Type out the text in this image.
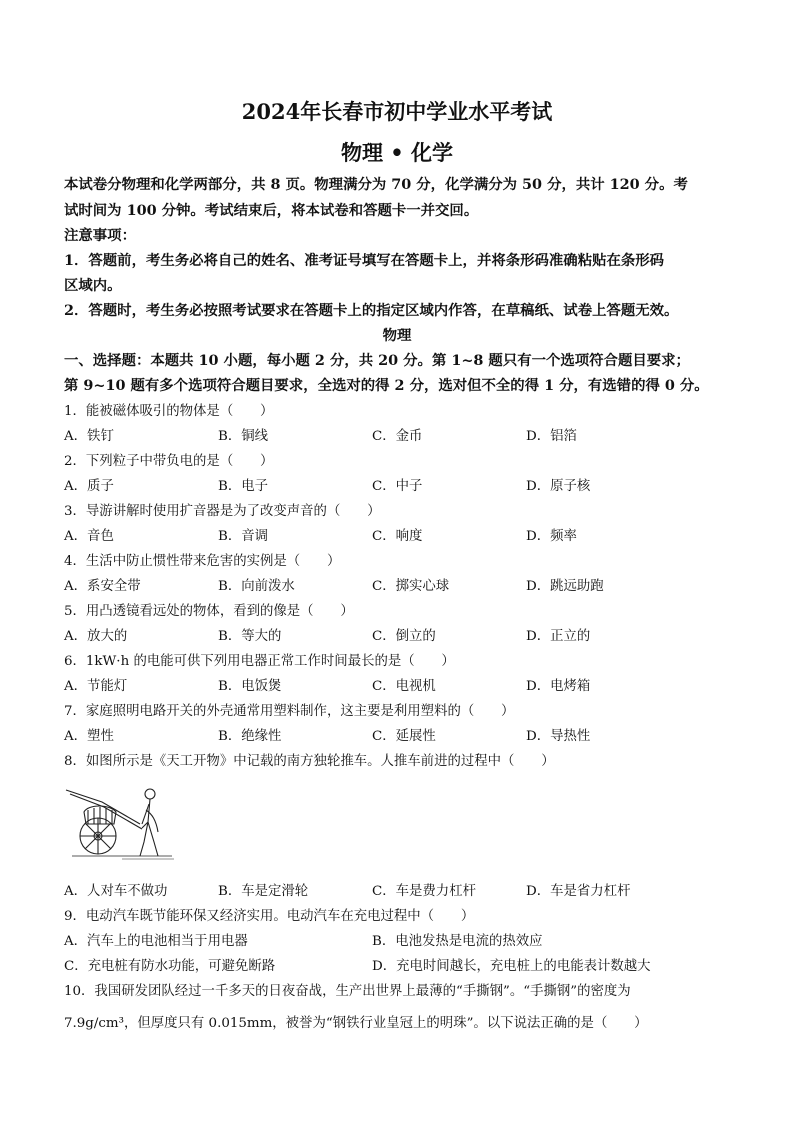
2024年长春市初中学业水平考试
物理 • 化学
本试卷分物理和化学两部分，共 8 页。物理满分为 70 分，化学满分为 50 分，共计 120 分。考
试时间为 100 分钟。考试结束后，将本试卷和答题卡一并交回。
注意事项：
1．答题前，考生务必将自己的姓名、准考证号填写在答题卡上，并将条形码准确粘贴在条形码
区域内。
2．答题时，考生务必按照考试要求在答题卡上的指定区域内作答，在草稿纸、试卷上答题无效。
物理
一、选择题：本题共 10 小题，每小题 2 分，共 20 分。第 1~8 题只有一个选项符合题目要求；
第 9~10 题有多个选项符合题目要求，全选对的得 2 分，选对但不全的得 1 分，有选错的得 0 分。
1．能被磁体吸引的物体是（　　）
A．铁钉	B．铜线	C．金币	D．铝箔
2．下列粒子中带负电的是（　　）
A．质子	B．电子	C．中子	D．原子核
3．导游讲解时使用扩音器是为了改变声音的（　　）
A．音色	B．音调	C．响度	D．频率
4．生活中防止惯性带来危害的实例是（　　）
A．系安全带	B．向前泼水	C．掷实心球	D．跳远助跑
5．用凸透镜看远处的物体，看到的像是（　　）
A．放大的	B．等大的	C．倒立的	D．正立的
6．1kW·h 的电能可供下列用电器正常工作时间最长的是（　　）
A．节能灯	B．电饭煲	C．电视机	D．电烤箱
7．家庭照明电路开关的外壳通常用塑料制作，这主要是利用塑料的（　　）
A．塑性	B．绝缘性	C．延展性	D．导热性
8．如图所示是《天工开物》中记载的南方独轮推车。人推车前进的过程中（　　）
A．人对车不做功	B．车是定滑轮	C．车是费力杠杆	D．车是省力杠杆
9．电动汽车既节能环保又经济实用。电动汽车在充电过程中（　　）
A．汽车上的电池相当于用电器	B．电池发热是电流的热效应
C．充电桩有防水功能，可避免断路	D．充电时间越长，充电桩上的电能表计数越大
10．我国研发团队经过一千多天的日夜奋战，生产出世界上最薄的“手撕钢”。“手撕钢”的密度为
7.9g/cm³，但厚度只有 0.015mm，被誉为“钢铁行业皇冠上的明珠”。以下说法正确的是（　　）
